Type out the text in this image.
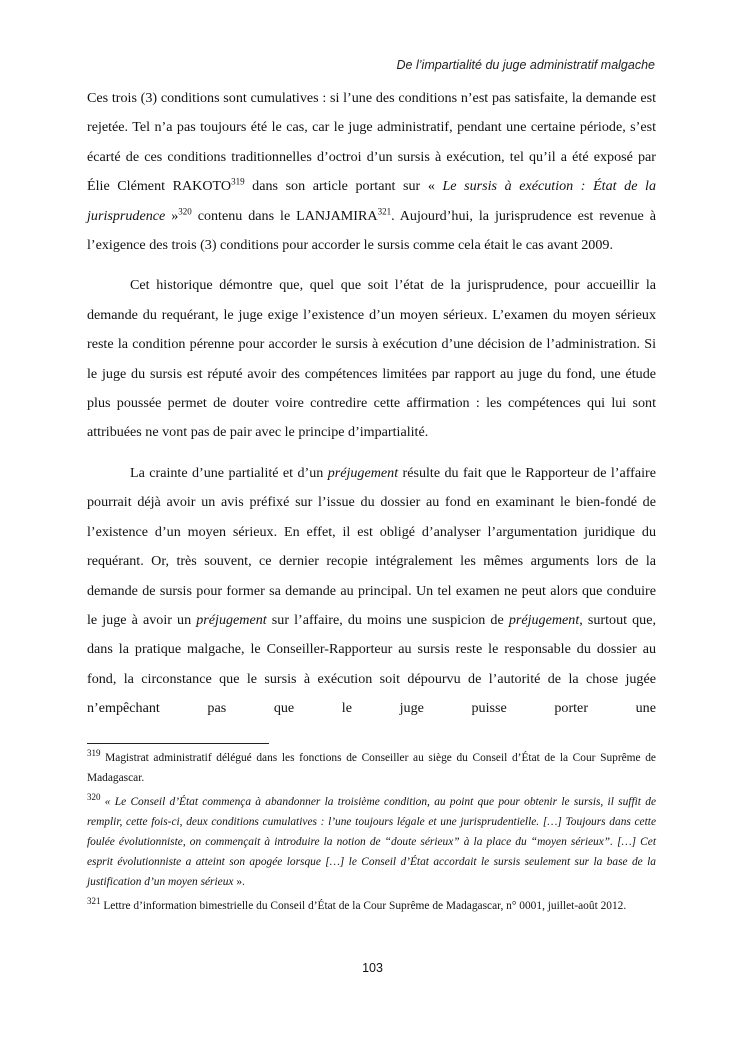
De l’impartialité du juge administratif malgache

Ces trois (3) conditions sont cumulatives : si l’une des conditions n’est pas satisfaite, la demande est rejetée. Tel n’a pas toujours été le cas, car le juge administratif, pendant une certaine période, s’est écarté de ces conditions traditionnelles d’octroi d’un sursis à exécution, tel qu’il a été exposé par Élie Clément RAKOTO$^{319}$ dans son article portant sur « Le sursis à exécution : État de la jurisprudence »$^{320}$ contenu dans le LANJAMIRA$^{321}$. Aujourd’hui, la jurisprudence est revenue à l’exigence des trois (3) conditions pour accorder le sursis comme cela était le cas avant 2009.

Cet historique démontre que, quel que soit l’état de la jurisprudence, pour accueillir la demande du requérant, le juge exige l’existence d’un moyen sérieux. L’examen du moyen sérieux reste la condition pérenne pour accorder le sursis à exécution d’une décision de l’administration. Si le juge du sursis est réputé avoir des compétences limitées par rapport au juge du fond, une étude plus poussée permet de douter voire contredire cette affirmation : les compétences qui lui sont attribuées ne vont pas de pair avec le principe d’impartialité.

La crainte d’une partialité et d’un préjugement résulte du fait que le Rapporteur de l’affaire pourrait déjà avoir un avis préfixé sur l’issue du dossier au fond en examinant le bien-fondé de l’existence d’un moyen sérieux. En effet, il est obligé d’analyser l’argumentation juridique du requérant. Or, très souvent, ce dernier recopie intégralement les mêmes arguments lors de la demande de sursis pour former sa demande au principal. Un tel examen ne peut alors que conduire le juge à avoir un préjugement sur l’affaire, du moins une suspicion de préjugement, surtout que, dans la pratique malgache, le Conseiller-Rapporteur au sursis reste le responsable du dossier au fond, la circonstance que le sursis à exécution soit dépourvu de l’autorité de la chose jugée n’empêchant pas que le juge puisse porter une

$^{319}$ Magistrat administratif délégué dans les fonctions de Conseiller au siège du Conseil d’État de la Cour Suprême de Madagascar.

$^{320}$ « Le Conseil d’État commença à abandonner la troisième condition, au point que pour obtenir le sursis, il suffit de remplir, cette fois-ci, deux conditions cumulatives : l’une toujours légale et une jurisprudentielle. […] Toujours dans cette foulée évolutionniste, on commençait à introduire la notion de “doute sérieux” à la place du “moyen sérieux”. […] Cet esprit évolutionniste a atteint son apogée lorsque […] le Conseil d’État accordait le sursis seulement sur la base de la justification d’un moyen sérieux ».

$^{321}$ Lettre d’information bimestrielle du Conseil d’État de la Cour Suprême de Madagascar, n° 0001, juillet-août 2012.

103
